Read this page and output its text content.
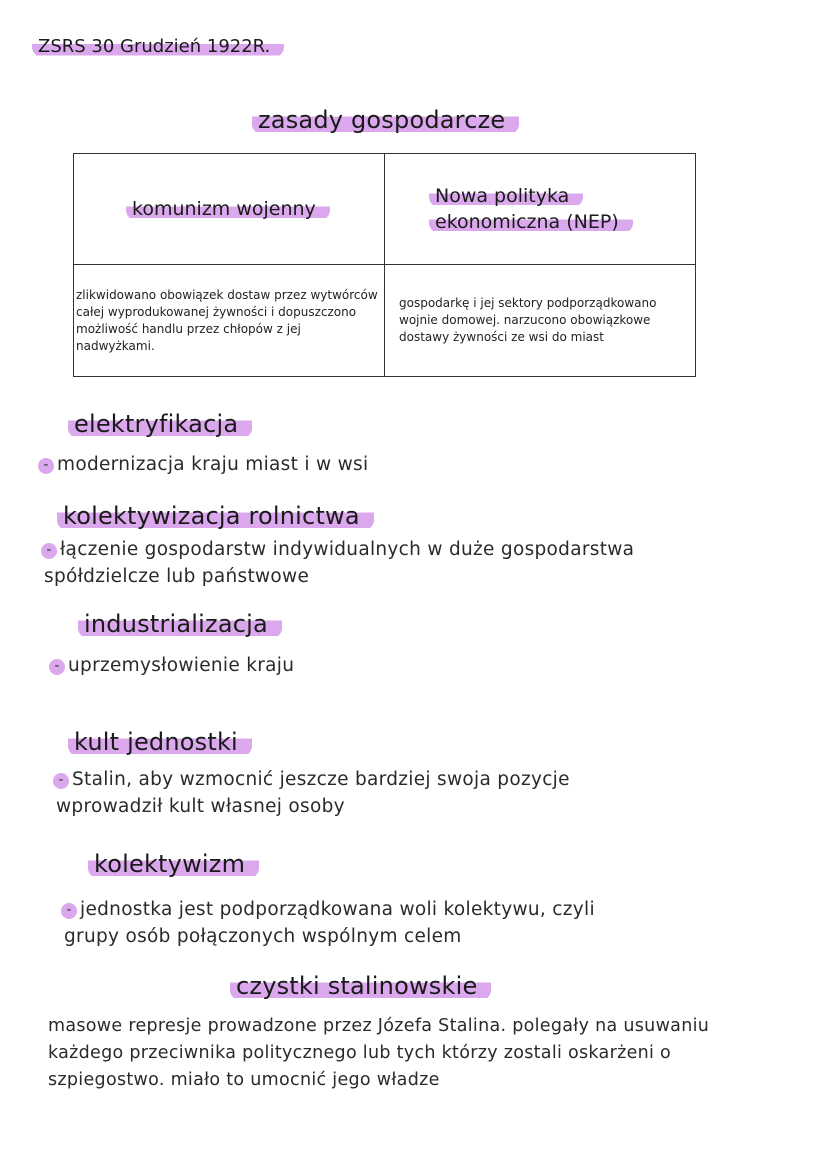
ZSRS 30 Grudzień 1922R.
zasady gospodarcze
komunizm wojenny	Nowa polityka
ekonomiczna (NEP)

zlikwidowano obowiązek dostaw przez wytwórców całej wyprodukowanej żywności i dopuszczono możliwość handlu przez chłopów z jej nadwyżkami.	gospodarkę i jej sektory podporządkowano wojnie domowej. narzucono obowiązkowe dostawy żywności ze wsi do miast
elektryfikacja
- modernizacja kraju miast i w wsi
kolektywizacja rolnictwa
- łączenie gospodarstw indywidualnych w duże gospodarstwa
spółdzielcze lub państwowe
industrializacja
- uprzemysłowienie kraju
kult jednostki
- Stalin, aby wzmocnić jeszcze bardziej swoja pozycje
wprowadził kult własnej osoby
kolektywizm
- jednostka jest podporządkowana woli kolektywu, czyli
grupy osób połączonych wspólnym celem
czystki stalinowskie
masowe represje prowadzone przez Józefa Stalina. polegały na usuwaniu
każdego przeciwnika politycznego lub tych którzy zostali oskarżeni o
szpiegostwo. miało to umocnić jego władze
